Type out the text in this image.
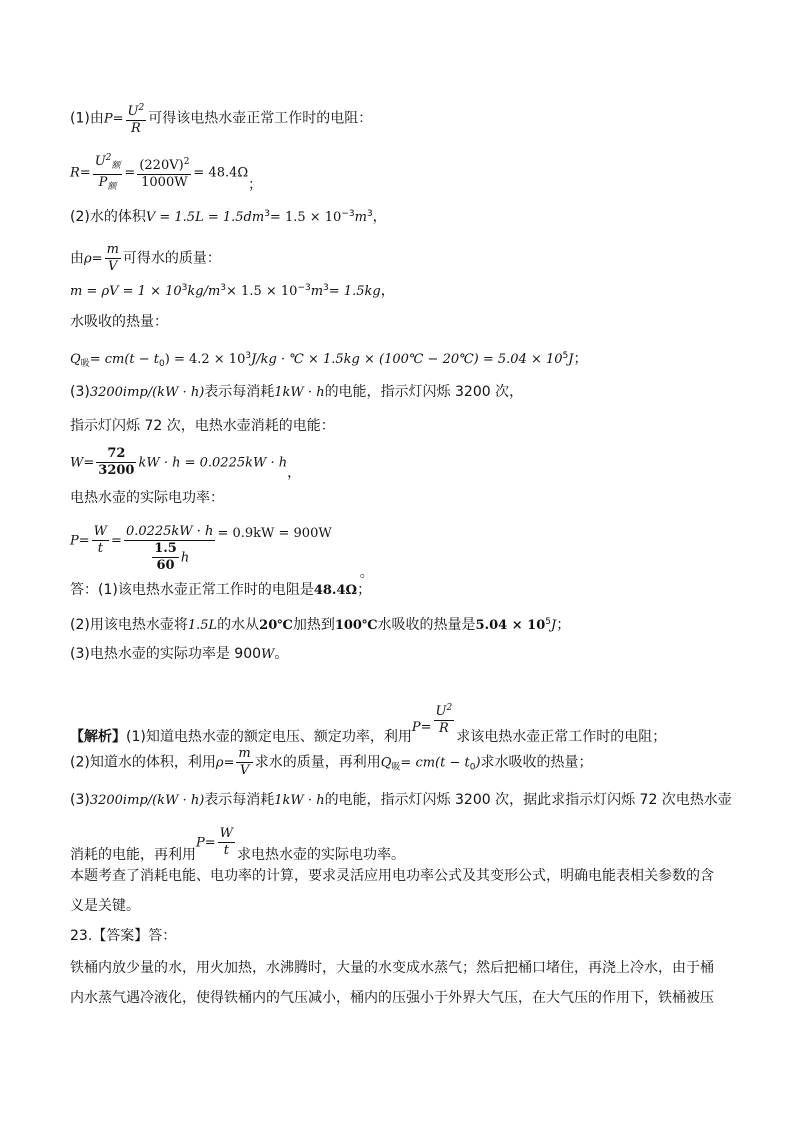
(1)由$P= \frac{U^2}{R}$ 可得该电热水壶正常工作时的电阻：
$R= \frac{U^2_额}{P_额} = \frac{(220V)^2}{1000W} = 48.4\Omega$；
(2)水的体积$V = 1.5L = 1.5dm^3= 1.5 \times 10^{-3}m^3$，
由$\rho= \frac{m}{V}$ 可得水的质量：
$m = \rho V = 1 \times 10^3kg/m^3\times 1.5 \times 10^{-3}m^3= 1.5kg$，
水吸收的热量：
$Q_吸= cm(t - t_0) = 4.2 \times 10^3J/kg$ · ℃ × 1.5kg × (100℃ − 20℃) = $5.04 \times 10^5J$；
(3)3200imp/(kW · h)表示每消耗1kW · h的电能，指示灯闪烁 3200 次，
指示灯闪烁 72 次，电热水壶消耗的电能：
$W= \frac{72}{3200}$ kW · h = 0.0225kW · h，
电热水壶的实际电功率：
$P= \frac{W}{t} = \frac{0.0225kW \cdot h}{\frac{1.5}{60} h} = 0.9kW = 900W$。
答：(1)该电热水壶正常工作时的电阻是48.4Ω；
(2)用该电热水壶将1.5L的水从20℃加热到100℃水吸收的热量是$5.04 \times 10^5J$；
(3)电热水壶的实际功率是 900W。
【解析】(1)知道电热水壶的额定电压、额定功率，利用$P= \frac{U^2}{R}$ 求该电热水壶正常工作时的电阻；
(2)知道水的体积，利用$\rho= \frac{m}{V}$ 求水的质量，再利用$Q_吸= cm(t - t_0)$求水吸收的热量；
(3)3200imp/(kW · h)表示每消耗1kW · h的电能，指示灯闪烁 3200 次，据此求指示灯闪烁 72 次电热水壶
消耗的电能，再利用$P= \frac{W}{t}$ 求电热水壶的实际电功率。
本题考查了消耗电能、电功率的计算，要求灵活应用电功率公式及其变形公式，明确电能表相关参数的含
义是关键。
23.【答案】答：
铁桶内放少量的水，用火加热，水沸腾时，大量的水变成水蒸气；然后把桶口堵住，再浇上冷水，由于桶
内水蒸气遇冷液化，使得铁桶内的气压减小，桶内的压强小于外界大气压，在大气压的作用下，铁桶被压
